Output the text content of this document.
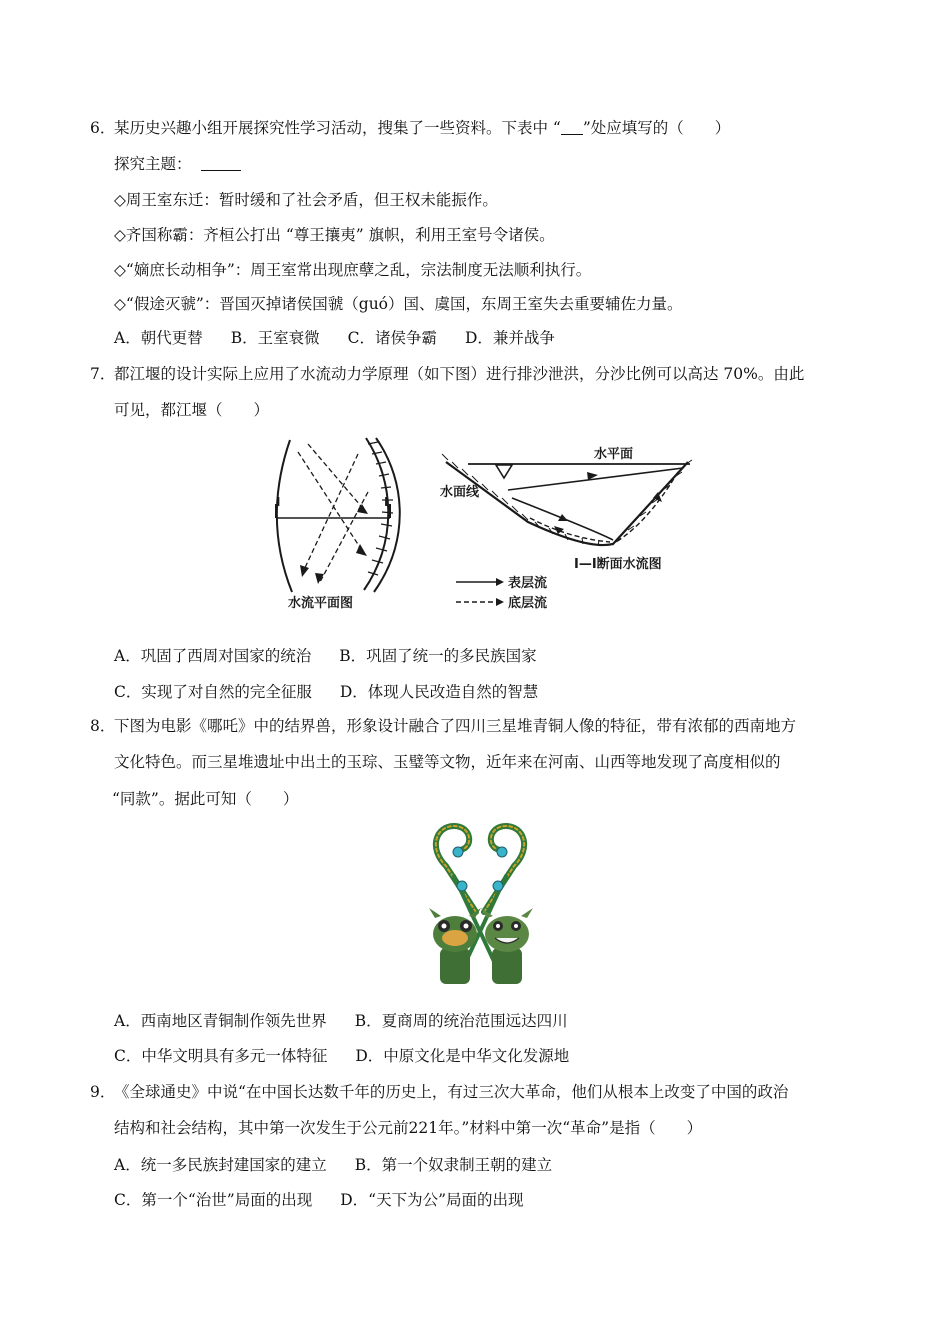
6．某历史兴趣小组开展探究性学习活动，搜集了一些资料。下表中 “ ”处应填写的（　　）
探究主题：
◇周王室东迁：暂时缓和了社会矛盾，但王权未能振作。
◇齐国称霸：齐桓公打出 “尊王攘夷” 旗帜，利用王室号令诸侯。
◇“嫡庶长动相争”：周王室常出现庶孽之乱，宗法制度无法顺利执行。
◇“假途灭虢”：晋国灭掉诸侯国虢（guó）国、虞国，东周王室失去重要辅佐力量。
A．朝代更替 B．王室衰微 C．诸侯争霸 D．兼并战争
7．都江堰的设计实际上应用了水流动力学原理（如下图）进行排沙泄洪，分沙比例可以高达 70%。由此
可见，都江堰（　　）
I	I
水流平面图
水平面
水面线
I—I断面水流图
表层流
底层流
A．巩固了西周对国家的统治 B．巩固了统一的多民族国家
C．实现了对自然的完全征服 D．体现人民改造自然的智慧
8．下图为电影《哪吒》中的结界兽，形象设计融合了四川三星堆青铜人像的特征，带有浓郁的西南地方
文化特色。而三星堆遗址中出土的玉琮、玉璧等文物，近年来在河南、山西等地发现了高度相似的
“同款”。据此可知（　　）
A．西南地区青铜制作领先世界 B．夏商周的统治范围远达四川
C．中华文明具有多元一体特征 D．中原文化是中华文化发源地
9．《全球通史》中说“在中国长达数千年的历史上，有过三次大革命，他们从根本上改变了中国的政治
结构和社会结构，其中第一次发生于公元前221年。”材料中第一次“革命”是指（　　）
A．统一多民族封建国家的建立 B．第一个奴隶制王朝的建立
C．第一个“治世”局面的出现 D．“天下为公”局面的出现
